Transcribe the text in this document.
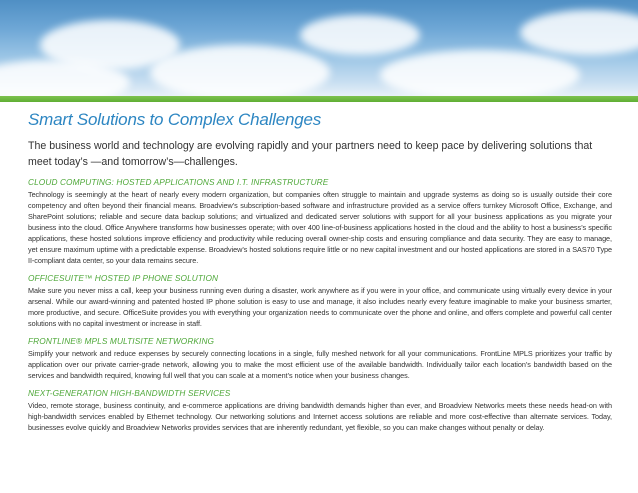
Smart Solutions to Complex Challenges

The business world and technology are evolving rapidly and your partners need to keep pace by delivering solutions that meet today’s —and tomorrow’s—challenges.

CLOUD COMPUTING: HOSTED APPLICATIONS AND I.T. INFRASTRUCTURE

Technology is seemingly at the heart of nearly every modern organization, but companies often struggle to maintain and upgrade systems as doing so is usually outside their core competency and often beyond their financial means. Broadview’s subscription-based software and infrastructure provided as a service offers turnkey Microsoft Office, Exchange, and SharePoint solutions; reliable and secure data backup solutions; and virtualized and dedicated server solutions with support for all your business applications as you migrate your business into the cloud. Office Anywhere transforms how businesses operate; with over 400 line-of-business applications hosted in the cloud and the ability to host a business’s specific applications, these hosted solutions improve efficiency and productivity while reducing overall owner-ship costs and ensuring compliance and data security. They are easy to manage, yet ensure maximum uptime with a predictable expense. Broadview’s hosted solutions require little or no new capital investment and our hosted applications are stored in a SAS70 Type II-compliant data center, so your data remains secure.

OFFICESUITE™ HOSTED IP PHONE SOLUTION

Make sure you never miss a call, keep your business running even during a disaster, work anywhere as if you were in your office, and communicate using virtually every device in your arsenal. While our award-winning and patented hosted IP phone solution is easy to use and manage, it also includes nearly every feature imaginable to make your business smarter, more productive, and secure. OfficeSuite provides you with everything your organization needs to communicate over the phone and online, and offers complete and powerful call center solutions with no capital investment or increase in staff.

FRONTLINE® MPLS MULTISITE NETWORKING

Simplify your network and reduce expenses by securely connecting locations in a single, fully meshed network for all your communications. FrontLine MPLS prioritizes your traffic by application over our private carrier-grade network, allowing you to make the most efficient use of the available bandwidth. Individually tailor each location’s bandwidth based on the services and bandwidth required, knowing full well that you can scale at a moment’s notice when your business changes.

NEXT-GENERATION HIGH-BANDWIDTH SERVICES

Video, remote storage, business continuity, and e-commerce applications are driving bandwidth demands higher than ever, and Broadview Networks meets these needs head-on with high-bandwidth services enabled by Ethernet technology. Our networking solutions and Internet access solutions are reliable and more cost-effective than alternate services. Today, businesses evolve quickly and Broadview Networks provides services that are inherently redundant, yet flexible, so you can make changes without penalty or delay.
